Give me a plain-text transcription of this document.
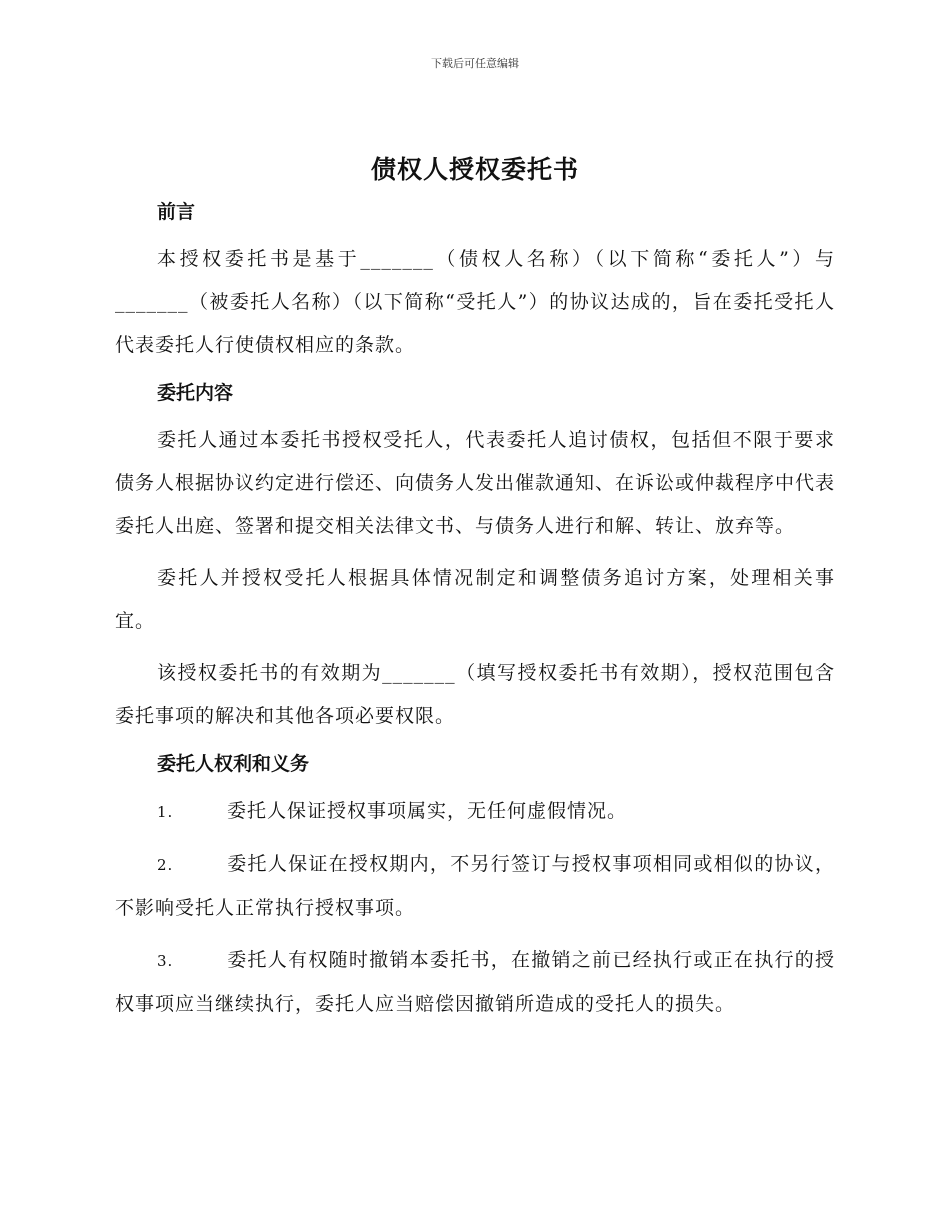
下载后可任意编辑
债权人授权委托书
前言

本授权委托书是基于_______（债权人名称）（以下简称“委托人”）与_______（被委托人名称）（以下简称“受托人”）的协议达成的，旨在委托受托人代表委托人行使债权相应的条款。

委托内容

委托人通过本委托书授权受托人，代表委托人追讨债权，包括但不限于要求债务人根据协议约定进行偿还、向债务人发出催款通知、在诉讼或仲裁程序中代表委托人出庭、签署和提交相关法律文书、与债务人进行和解、转让、放弃等。

委托人并授权受托人根据具体情况制定和调整债务追讨方案，处理相关事宜。

该授权委托书的有效期为_______（填写授权委托书有效期），授权范围包含委托事项的解决和其他各项必要权限。

委托人权利和义务

1.	委托人保证授权事项属实，无任何虚假情况。

2.	委托人保证在授权期内，不另行签订与授权事项相同或相似的协议，不影响受托人正常执行授权事项。

3.	委托人有权随时撤销本委托书，在撤销之前已经执行或正在执行的授权事项应当继续执行，委托人应当赔偿因撤销所造成的受托人的损失。
